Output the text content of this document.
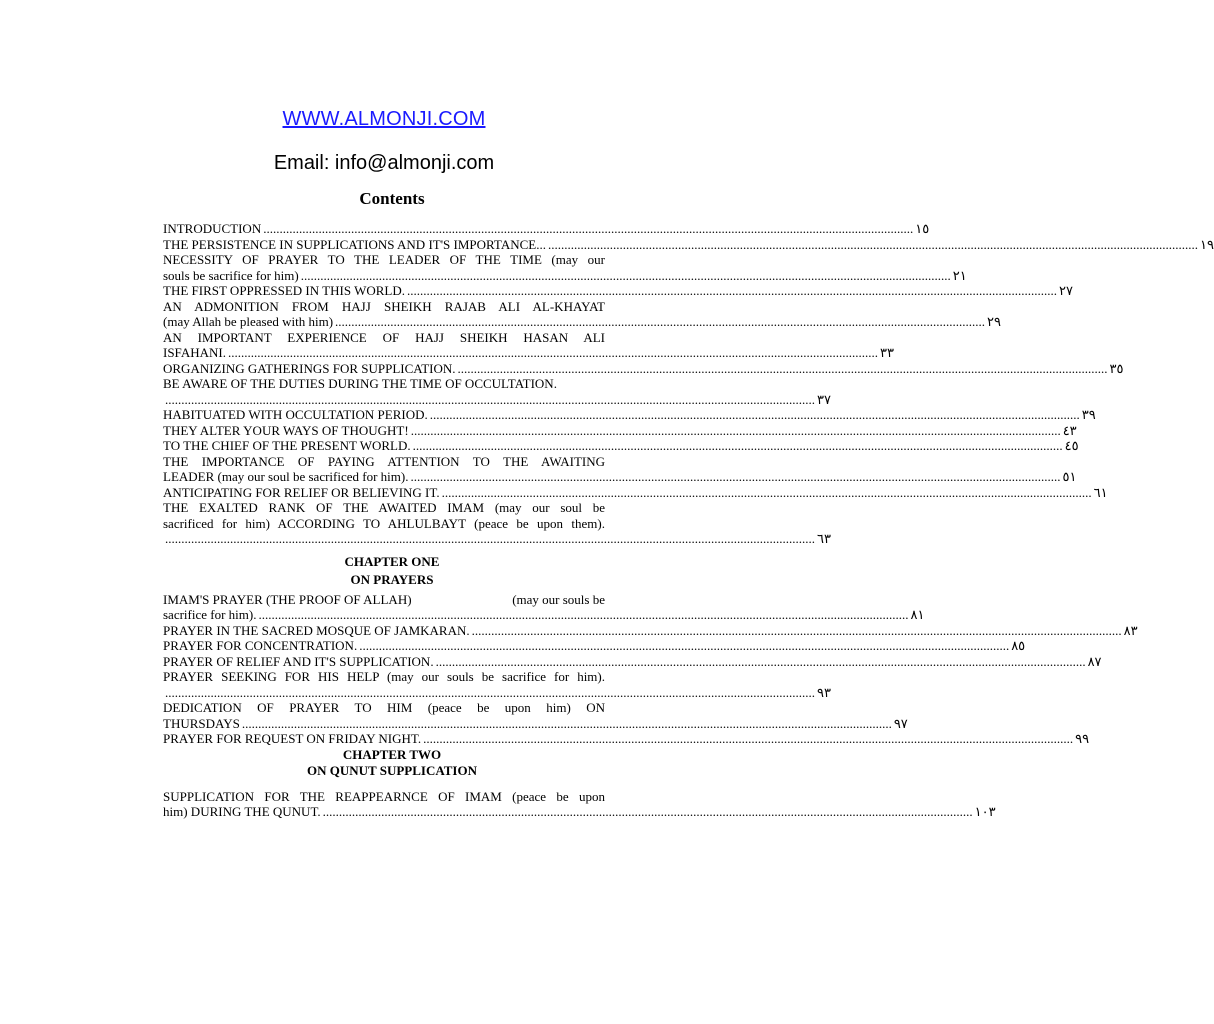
WWW.ALMONJI.COM
Email: info@almonji.com
Contents
INTRODUCTION ........................................................................................................................................................................................................ ١٥
THE PERSISTENCE IN SUPPLICATIONS AND IT'S IMPORTANCE... ........................................................................................................................................................................................................ ١٩
NECESSITY OF PRAYER TO THE LEADER OF THE TIME (may our
souls be sacrifice for him) ........................................................................................................................................................................................................ ٢١
THE FIRST OPPRESSED IN THIS WORLD. ........................................................................................................................................................................................................ ٢٧
AN ADMONITION FROM HAJJ SHEIKH RAJAB ALI AL-KHAYAT
(may Allah be pleased with him) ........................................................................................................................................................................................................ ٢٩
AN IMPORTANT EXPERIENCE OF HAJJ SHEIKH HASAN ALI
ISFAHANI. ........................................................................................................................................................................................................ ٣٣
ORGANIZING GATHERINGS FOR SUPPLICATION. ........................................................................................................................................................................................................ ٣٥
BE AWARE OF THE DUTIES DURING THE TIME OF OCCULTATION.
........................................................................................................................................................................................................ ٣٧
HABITUATED WITH OCCULTATION PERIOD. ........................................................................................................................................................................................................ ٣٩
THEY ALTER YOUR WAYS OF THOUGHT! ........................................................................................................................................................................................................ ٤٣
TO THE CHIEF OF THE PRESENT WORLD. ........................................................................................................................................................................................................ ٤٥
THE IMPORTANCE OF PAYING ATTENTION TO THE AWAITING
LEADER (may our soul be sacrificed for him). ........................................................................................................................................................................................................ ٥١
ANTICIPATING FOR RELIEF OR BELIEVING IT. ........................................................................................................................................................................................................ ٦١
THE EXALTED RANK OF THE AWAITED IMAM (may our soul be
sacrificed for him) ACCORDING TO AHLULBAYT (peace be upon them).
........................................................................................................................................................................................................ ٦٣
CHAPTER ONE
ON PRAYERS
IMAM'S PRAYER (THE PROOF OF ALLAH)	(may our souls be
sacrifice for him). ........................................................................................................................................................................................................ ٨١
PRAYER IN THE SACRED MOSQUE OF JAMKARAN. ........................................................................................................................................................................................................ ٨٣
PRAYER FOR CONCENTRATION. ........................................................................................................................................................................................................ ٨٥
PRAYER OF RELIEF AND IT'S SUPPLICATION. ........................................................................................................................................................................................................ ٨٧
PRAYER SEEKING FOR HIS HELP (may our souls be sacrifice for him).
........................................................................................................................................................................................................ ٩٣
DEDICATION OF PRAYER TO HIM (peace be upon him) ON
THURSDAYS ........................................................................................................................................................................................................ ٩٧
PRAYER FOR REQUEST ON FRIDAY NIGHT. ........................................................................................................................................................................................................ ٩٩
CHAPTER TWO
ON QUNUT SUPPLICATION
SUPPLICATION FOR THE REAPPEARNCE OF IMAM (peace be upon
him) DURING THE QUNUT. ........................................................................................................................................................................................................ ١٠٣
